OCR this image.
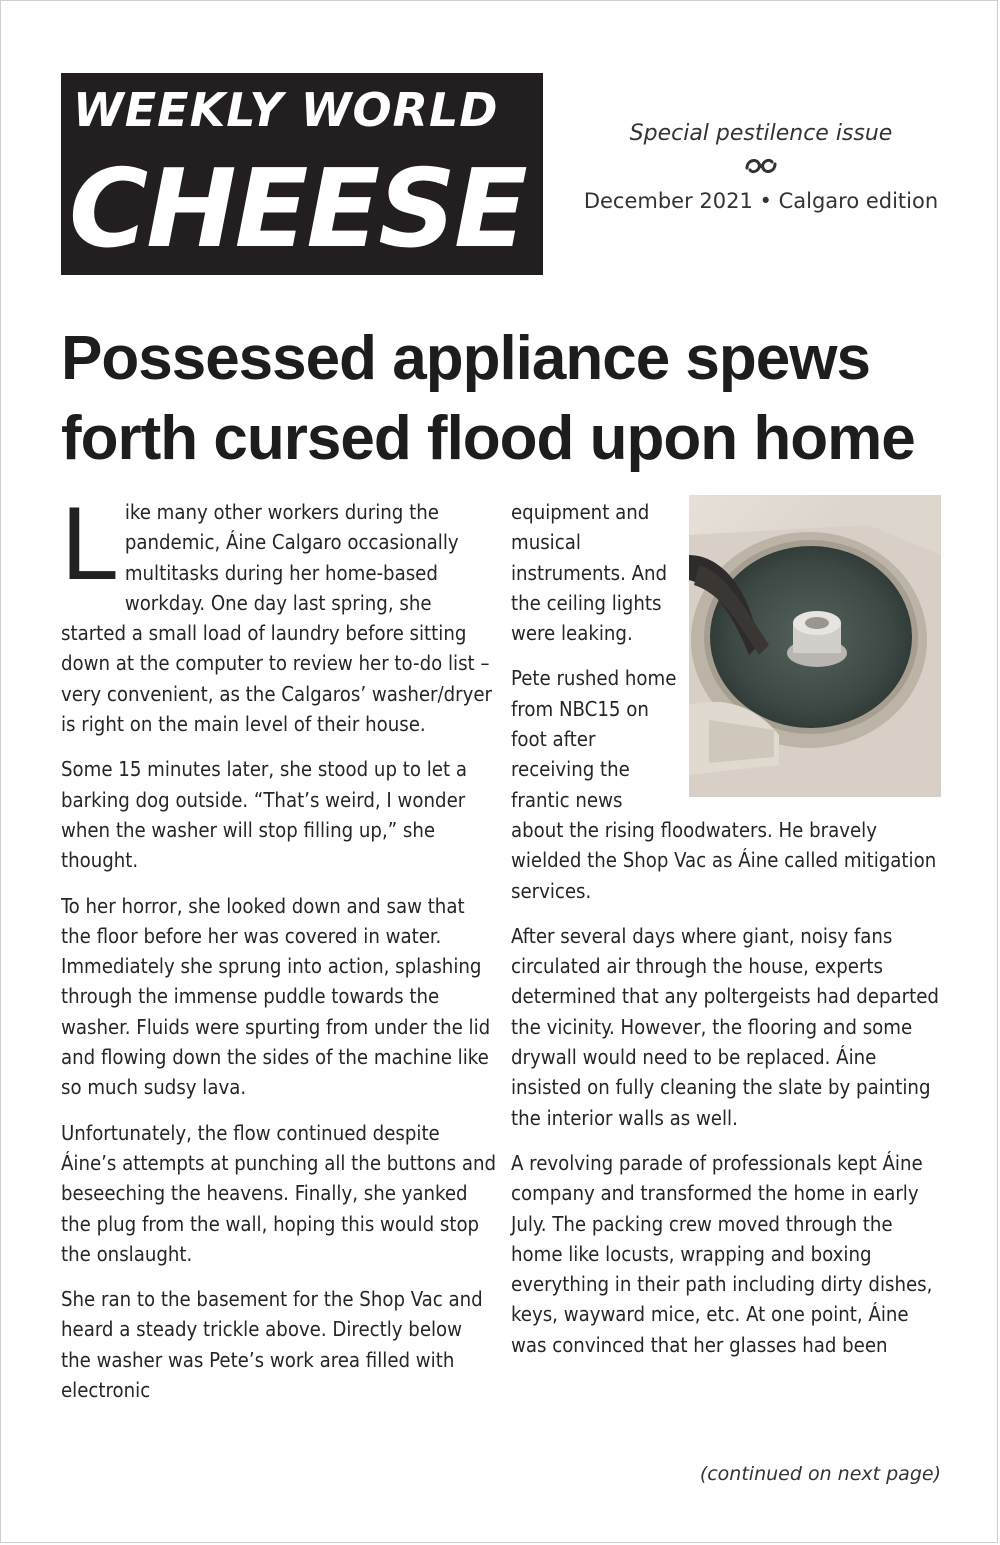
WEEKLY WORLD
CHEESE

Special pestilence issue

December 2021 • Calgaro edition

Possessed appliance spews
forth cursed flood upon home

Like many other workers during the pandemic, Áine Calgaro occasionally multitasks during her home-based workday. One day last spring, she started a small load of laundry before sitting down at the computer to review her to-do list – very convenient, as the Calgaros’ washer/dryer is right on the main level of their house.

Some 15 minutes later, she stood up to let a barking dog outside. “That’s weird, I wonder when the washer will stop filling up,” she thought.

To her horror, she looked down and saw that the floor before her was covered in water. Immediately she sprung into action, splashing through the immense puddle towards the washer. Fluids were spurting from under the lid and flowing down the sides of the machine like so much sudsy lava.

Unfortunately, the flow continued despite Áine’s attempts at punching all the buttons and beseeching the heavens. Finally, she yanked the plug from the wall, hoping this would stop the onslaught.

She ran to the basement for the Shop Vac and heard a steady trickle above. Directly below the washer was Pete’s work area filled with electronic

equipment and musical instruments. And the ceiling lights were leaking.

Pete rushed home from NBC15 on foot after receiving the frantic news about the rising floodwaters. He bravely wielded the Shop Vac as Áine called mitigation services.

After several days where giant, noisy fans circulated air through the house, experts determined that any poltergeists had departed the vicinity. However, the flooring and some drywall would need to be replaced. Áine insisted on fully cleaning the slate by painting the interior walls as well.

A revolving parade of professionals kept Áine company and transformed the home in early July. The packing crew moved through the home like locusts, wrapping and boxing everything in their path including dirty dishes, keys, wayward mice, etc. At one point, Áine was convinced that her glasses had been

(continued on next page)
